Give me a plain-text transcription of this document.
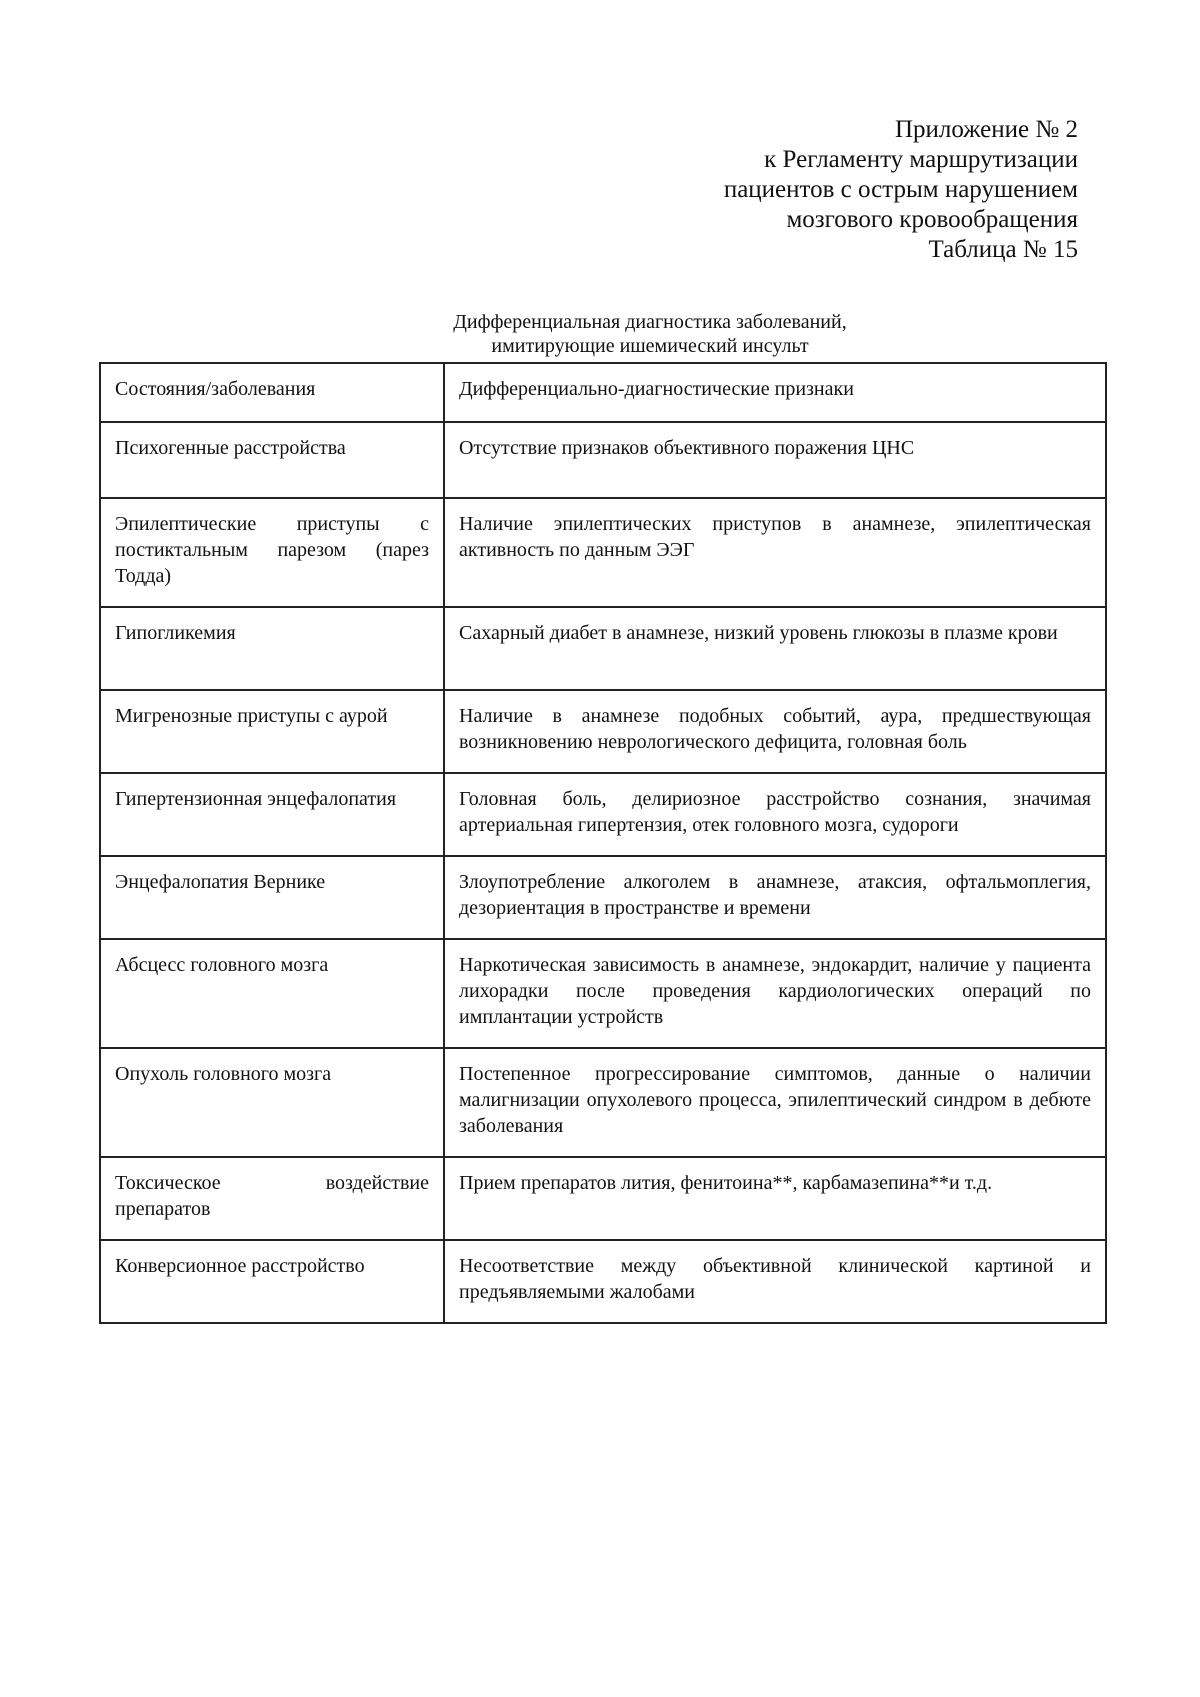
Приложение № 2
к Регламенту маршрутизации
пациентов с острым нарушением
мозгового кровообращения
Таблица № 15
Дифференциальная диагностика заболеваний,
имитирующие ишемический инсульт
Состояния/заболевания	Дифференциально-диагностические признаки
Психогенные расстройства	Отсутствие признаков объективного поражения ЦНС
Эпилептические приступы с постиктальным парезом (парез Тодда)	Наличие эпилептических приступов в анамнезе, эпилептическая активность по данным ЭЭГ
Гипогликемия	Сахарный диабет в анамнезе, низкий уровень глюкозы в плазме крови
Мигренозные приступы с аурой	Наличие в анамнезе подобных событий, аура, предшествующая возникновению неврологического дефицита, головная боль
Гипертензионная энцефалопатия	Головная боль, делириозное расстройство сознания, значимая артериальная гипертензия, отек головного мозга, судороги
Энцефалопатия Вернике	Злоупотребление алкоголем в анамнезе, атаксия, офтальмоплегия, дезориентация в пространстве и времени
Абсцесс головного мозга	Наркотическая зависимость в анамнезе, эндокардит, наличие у пациента лихорадки после проведения кардиологических операций по имплантации устройств
Опухоль головного мозга	Постепенное прогрессирование симптомов, данные о наличии малигнизации опухолевого процесса, эпилептический синдром в дебюте заболевания
Токсическое воздействие препаратов	Прием препаратов лития, фенитоина**, карбамазепина**и т.д.
Конверсионное расстройство	Несоответствие между объективной клинической картиной и предъявляемыми жалобами
